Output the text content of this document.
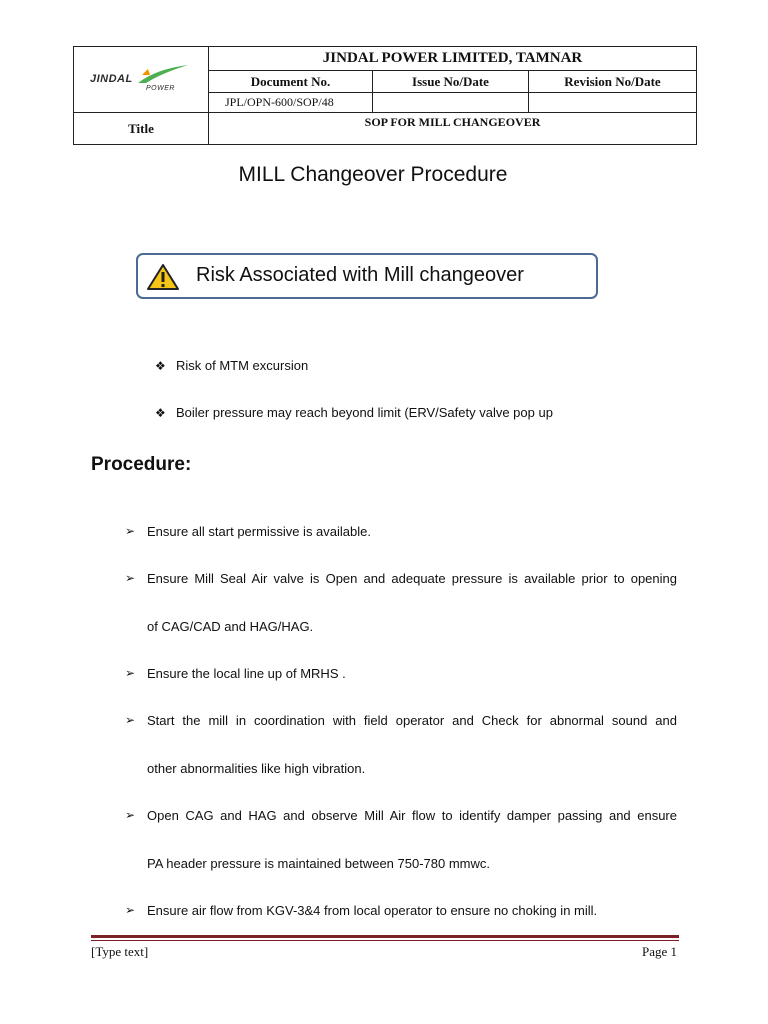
JINDAL
POWER	JINDAL POWER LIMITED, TAMNAR		
	Document No.	Issue No/Date	Revision No/Date
	JPL/OPN-600/SOP/48		
Title	SOP FOR MILL CHANGEOVER		
MILL Changeover Procedure
Risk Associated with Mill changeover
❖ Risk of MTM excursion
❖ Boiler pressure may reach beyond limit (ERV/Safety valve pop up
Procedure:
➢ Ensure all start permissive is available.
➢ Ensure Mill Seal Air valve is Open and adequate pressure is available prior to opening
of CAG/CAD and HAG/HAG.
➢ Ensure the local line up of MRHS .
➢ Start the mill in coordination with field operator and Check for abnormal sound and
other abnormalities like high vibration.
➢ Open CAG and HAG and observe Mill Air flow to identify damper passing and ensure
PA header pressure is maintained between 750-780 mmwc.
➢ Ensure air flow from KGV-3&4 from local operator to ensure no choking in mill.
[Type text]	Page 1
